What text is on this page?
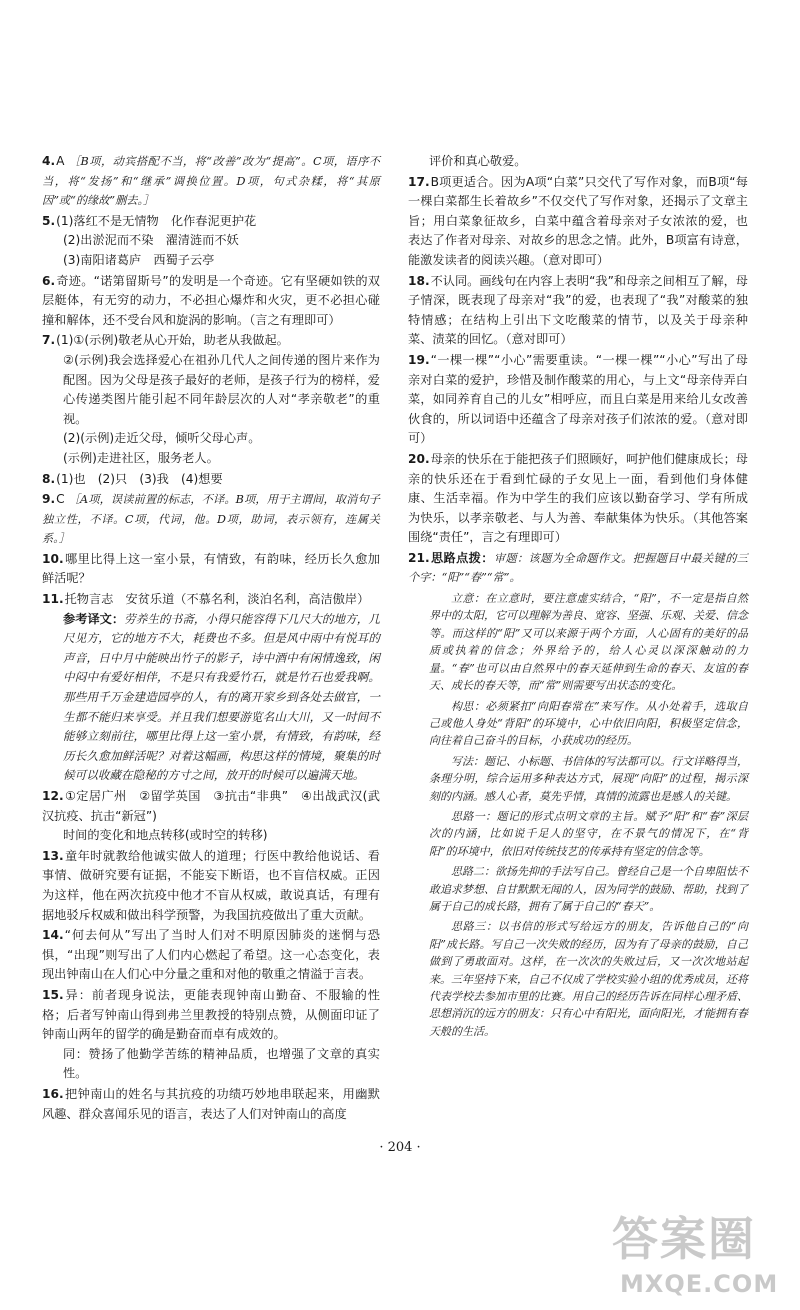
4.A ［B项，动宾搭配不当，将“改善”改为“提高”。C项，语序不当，将“发扬”和“继承”调换位置。D项，句式杂糅，将“其原因”或“的缘故”删去。］

5.(1)落红不是无情物　化作春泥更护花
(2)出淤泥而不染　濯清涟而不妖
(3)南阳诸葛庐　西蜀子云亭

6.奇迹。“诺第留斯号”的发明是一个奇迹。它有坚硬如铁的双层艇体，有无穷的动力，不必担心爆炸和火灾，更不必担心碰撞和解体，还不受台风和旋涡的影响。（言之有理即可）

7.(1)①(示例)敬老从心开始，助老从我做起。
②(示例)我会选择爱心在祖孙几代人之间传递的图片来作为配图。因为父母是孩子最好的老师，是孩子行为的榜样，爱心传递类图片能引起不同年龄层次的人对“孝亲敬老”的重视。
(2)(示例)走近父母，倾听父母心声。
(示例)走进社区，服务老人。

8.(1)也　(2)只　(3)我　(4)想要

9.C ［A项，误读前置的标志，不译。B项，用于主谓间，取消句子独立性，不译。C项，代词，他。D项，助词，表示领有，连属关系。］

10.哪里比得上这一室小景，有情致，有韵味，经历长久愈加鲜活呢？

11.托物言志　安贫乐道（不慕名利，淡泊名利，高洁傲岸）
参考译文：劳养生的书斋，小得只能容得下几尺大的地方，几尺见方，它的地方不大，耗费也不多。但是风中雨中有悦耳的声音，日中月中能映出竹子的影子，诗中酒中有闲情逸致，闲中闷中有爱好相伴，不是只有我爱竹石，就是竹石也爱我啊。那些用千万金建造园亭的人，有的离开家乡到各处去做官，一生都不能归来享受。并且我们想要游览名山大川，又一时间不能够立刻前往，哪里比得上这一室小景，有情致，有韵味，经历长久愈加鲜活呢？对着这幅画，构思这样的情境，聚集的时候可以收藏在隐秘的方寸之间，放开的时候可以遍满天地。
12.①定居广州　②留学英国　③抗击“非典”　④出战武汉(武汉抗疫、抗击“新冠”)
时间的变化和地点转移(或时空的转移)

13.童年时就教给他诚实做人的道理；行医中教给他说话、看事情、做研究要有证据，不能妄下断语，也不盲信权威。正因为这样，他在两次抗疫中他才不盲从权威，敢说真话，有理有据地驳斥权威和做出科学预警，为我国抗疫做出了重大贡献。

14.“何去何从”写出了当时人们对不明原因肺炎的迷惘与恐惧，“出现”则写出了人们内心燃起了希望。这一心态变化，表现出钟南山在人们心中分量之重和对他的敬重之情溢于言表。

15.异：前者现身说法，更能表现钟南山勤奋、不服输的性格；后者写钟南山得到弗兰里教授的特别点赞，从侧面印证了钟南山两年的留学的确是勤奋而卓有成效的。
同：赞扬了他勤学苦练的精神品质，也增强了文章的真实性。

16.把钟南山的姓名与其抗疫的功绩巧妙地串联起来，用幽默风趣、群众喜闻乐见的语言，表达了人们对钟南山的高度

评价和真心敬爱。

17.B项更适合。因为A项“白菜”只交代了写作对象，而B项“每一棵白菜都生长着故乡”不仅交代了写作对象，还揭示了文章主旨；用白菜象征故乡，白菜中蕴含着母亲对子女浓浓的爱，也表达了作者对母亲、对故乡的思念之情。此外，B项富有诗意，能激发读者的阅读兴趣。（意对即可）

18.不认同。画线句在内容上表明“我”和母亲之间相互了解，母子情深，既表现了母亲对“我”的爱，也表现了“我”对酸菜的独特情感；在结构上引出下文吃酸菜的情节，以及关于母亲种菜、渍菜的回忆。（意对即可）

19.“一棵一棵”“小心”需要重读。“一棵一棵”“小心”写出了母亲对白菜的爱护，珍惜及制作酸菜的用心，与上文“母亲侍弄白菜，如同养育自己的儿女”相呼应，而且白菜是用来给儿女改善伙食的，所以词语中还蕴含了母亲对孩子们浓浓的爱。（意对即可）

20.母亲的快乐在于能把孩子们照顾好，呵护他们健康成长；母亲的快乐还在于看到忙碌的子女见上一面，看到他们身体健康、生活幸福。作为中学生的我们应该以勤奋学习、学有所成为快乐，以孝亲敬老、与人为善、奉献集体为快乐。（其他答案围绕“责任”，言之有理即可）

21.思路点拨：审题：该题为全命题作文。把握题目中最关键的三个字：“阳”“春”“常”。

立意：在立意时，要注意虚实结合，“阳”，不一定是指自然界中的太阳，它可以理解为善良、宽容、坚强、乐观、关爱、信念等。而这样的“阳”又可以来源于两个方面，人心固有的美好的品质或执着的信念；外界给予的，给人心灵以深深触动的力量。“春”也可以由自然界中的春天延伸到生命的春天、友谊的春天、成长的春天等，而“常”则需要写出状态的变化。

构思：必须紧扣“向阳春常在”来写作。从小处着手，选取自己或他人身处“背阳”的环境中，心中依旧向阳，积极坚定信念，向往着自己奋斗的目标，小获成功的经历。

写法：题记、小标题、书信体的写法都可以。行文详略得当，条理分明，综合运用多种表达方式，展现“向阳”的过程，揭示深刻的内涵。感人心者，莫先乎情，真情的流露也是感人的关键。

思路一：题记的形式点明文章的主旨。赋予“阳”和“春”深层次的内涵，比如说千足人的坚守，在不景气的情况下，在“背阳”的环境中，依旧对传统技艺的传承持有坚定的信念等。

思路二：欲扬先抑的手法写自己。曾经自己是一个自卑阻怯不敢追求梦想、自甘默默无闻的人，因为同学的鼓励、帮助，找到了属于自己的成长路，拥有了属于自己的“春天”。

思路三：以书信的形式写给远方的朋友，告诉他自己的“向阳”成长路。写自己一次失败的经历，因为有了母亲的鼓励，自己做到了勇敢面对。这样，在一次次的失败过后，又一次次地站起来。三年坚持下来，自己不仅成了学校实验小组的优秀成员，还将代表学校去参加市里的比赛。用自己的经历告诉在同样心理矛盾、思想消沉的远方的朋友：只有心中有阳光，面向阳光，才能拥有春天般的生活。

· 204 ·
答案圈
MXQE.COM
